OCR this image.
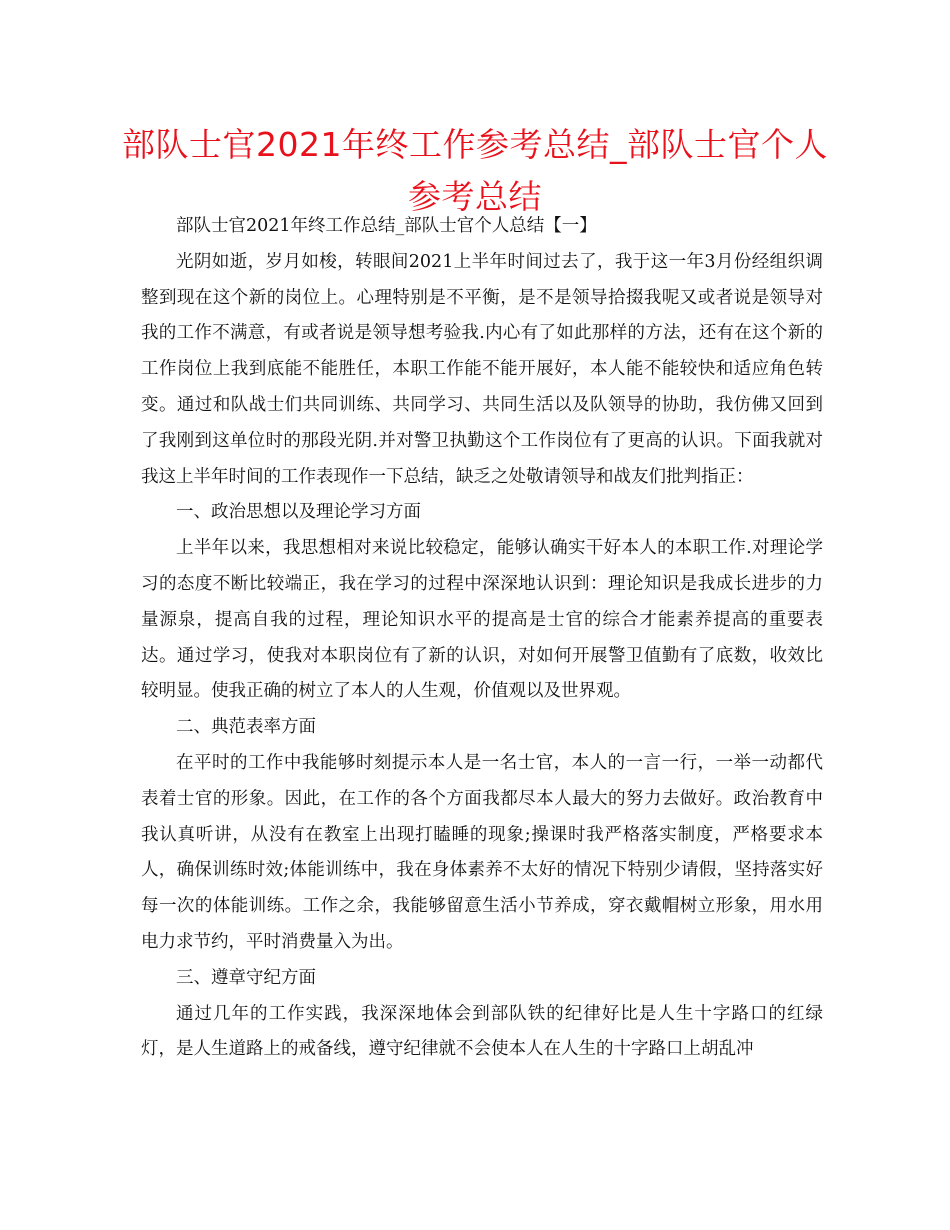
部队士官2021年终工作参考总结_部队士官个人
参考总结

部队士官2021年终工作总结_部队士官个人总结【一】

光阴如逝，岁月如梭，转眼间2021上半年时间过去了，我于这一年3月份经组织调整到现在这个新的岗位上。心理特别是不平衡，是不是领导拾掇我呢又或者说是领导对我的工作不满意，有或者说是领导想考验我.内心有了如此那样的方法，还有在这个新的工作岗位上我到底能不能胜任，本职工作能不能开展好，本人能不能较快和适应角色转变。通过和队战士们共同训练、共同学习、共同生活以及队领导的协助，我仿佛又回到了我刚到这单位时的那段光阴.并对警卫执勤这个工作岗位有了更高的认识。下面我就对我这上半年时间的工作表现作一下总结，缺乏之处敬请领导和战友们批判指正：

一、政治思想以及理论学习方面

上半年以来，我思想相对来说比较稳定，能够认确实干好本人的本职工作.对理论学习的态度不断比较端正，我在学习的过程中深深地认识到：理论知识是我成长进步的力量源泉，提高自我的过程，理论知识水平的提高是士官的综合才能素养提高的重要表达。通过学习，使我对本职岗位有了新的认识，对如何开展警卫值勤有了底数，收效比较明显。使我正确的树立了本人的人生观，价值观以及世界观。

二、典范表率方面

在平时的工作中我能够时刻提示本人是一名士官，本人的一言一行，一举一动都代表着士官的形象。因此，在工作的各个方面我都尽本人最大的努力去做好。政治教育中我认真听讲，从没有在教室上出现打瞌睡的现象;操课时我严格落实制度，严格要求本人，确保训练时效;体能训练中，我在身体素养不太好的情况下特别少请假，坚持落实好每一次的体能训练。工作之余，我能够留意生活小节养成，穿衣戴帽树立形象，用水用电力求节约，平时消费量入为出。

三、遵章守纪方面

通过几年的工作实践，我深深地体会到部队铁的纪律好比是人生十字路口的红绿灯，是人生道路上的戒备线，遵守纪律就不会使本人在人生的十字路口上胡乱冲
